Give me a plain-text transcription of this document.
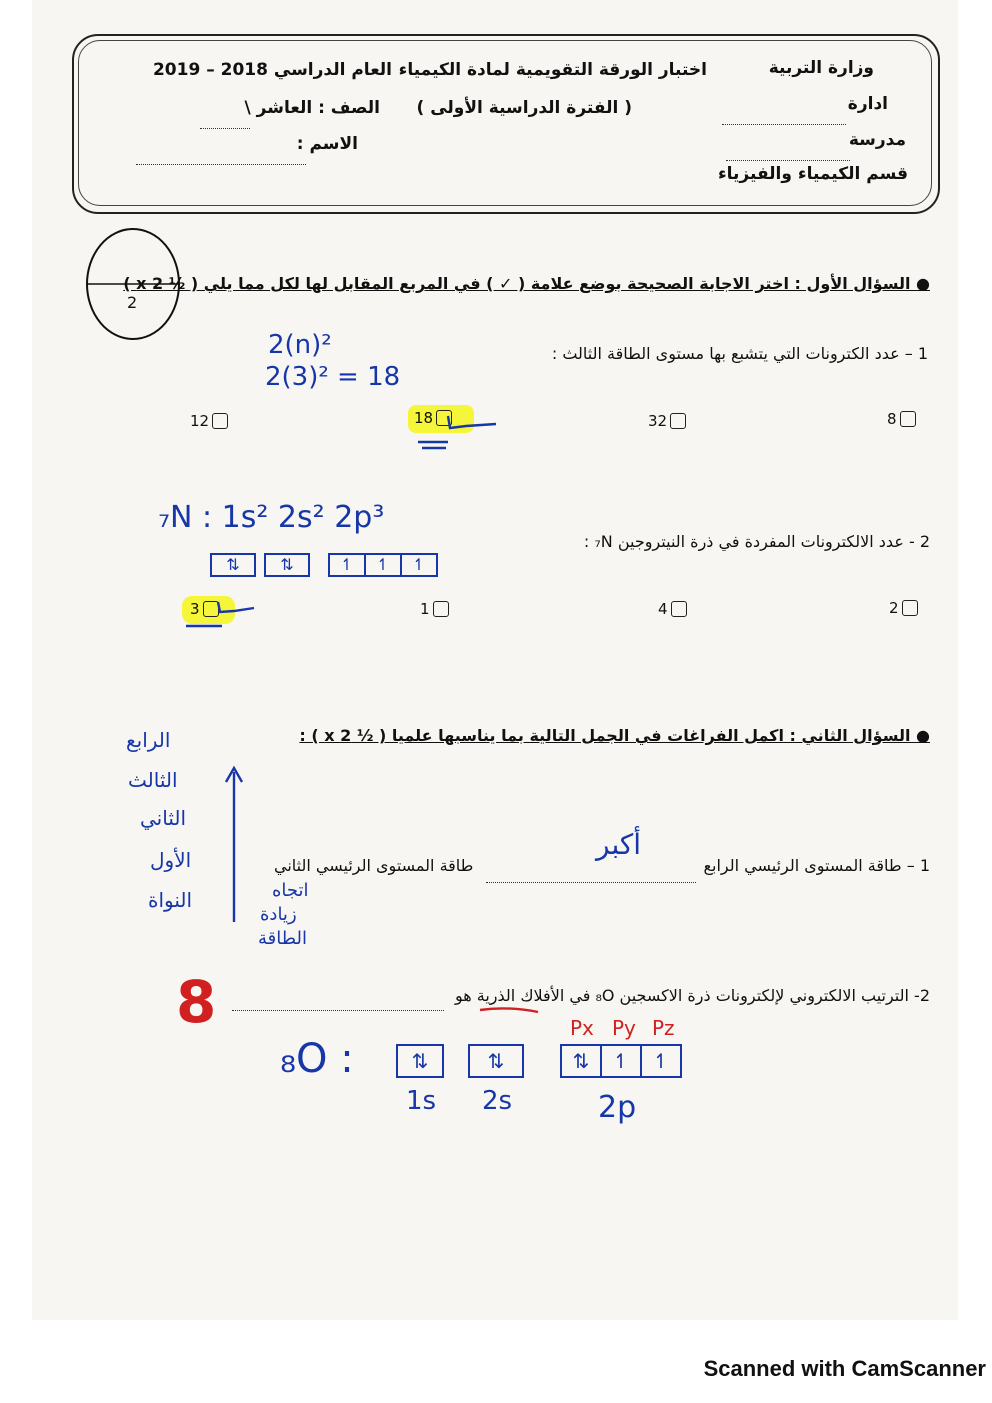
وزارة التربية
اختبار الورقة التقويمية لمادة الكيمياء
العام الدراسي 2018 – 2019
ادارة
( الفترة الدراسية الأولى )
الصف : العاشر \
مدرسة
الاسم :
قسم الكيمياء والفيزياء
2
● السؤال الأول : اختر الاجابة الصحيحة بوضع علامة ( ✓ ) في المربع المقابل لها لكل مما يلي ( ½ x 2 )
1 – عدد الكترونات التي يتشبع بها مستوى الطاقة الثالث :
2(n)²
2(3)² = 18
8
32
18
12
₇N : 1s² 2s² 2p³
2 - عدد الالكترونات المفردة في ذرة النيتروجين ₇N :
⇅	⇅	↿	↿	↿
2
4
1
3
● السؤال الثاني : اكمل الفراغات في الجمل التالية بما يناسبها علميا ( ½ x 2 ) :
الرابع
الثالث
الثاني
الأول
النواة
1 – طاقة المستوى الرئيسي الرابع
أكبر
طاقة المستوى الرئيسي الثاني
اتجاه
زيادة
الطاقة
2- الترتيب الالكتروني لإلكترونات ذرة الاكسجين ₈O في الأفلاك الذرية هو
8	Px Py Pz
₈O :	⇅	⇅	⇅	↿	↿
1s 2s	2p
Scanned with CamScanner
